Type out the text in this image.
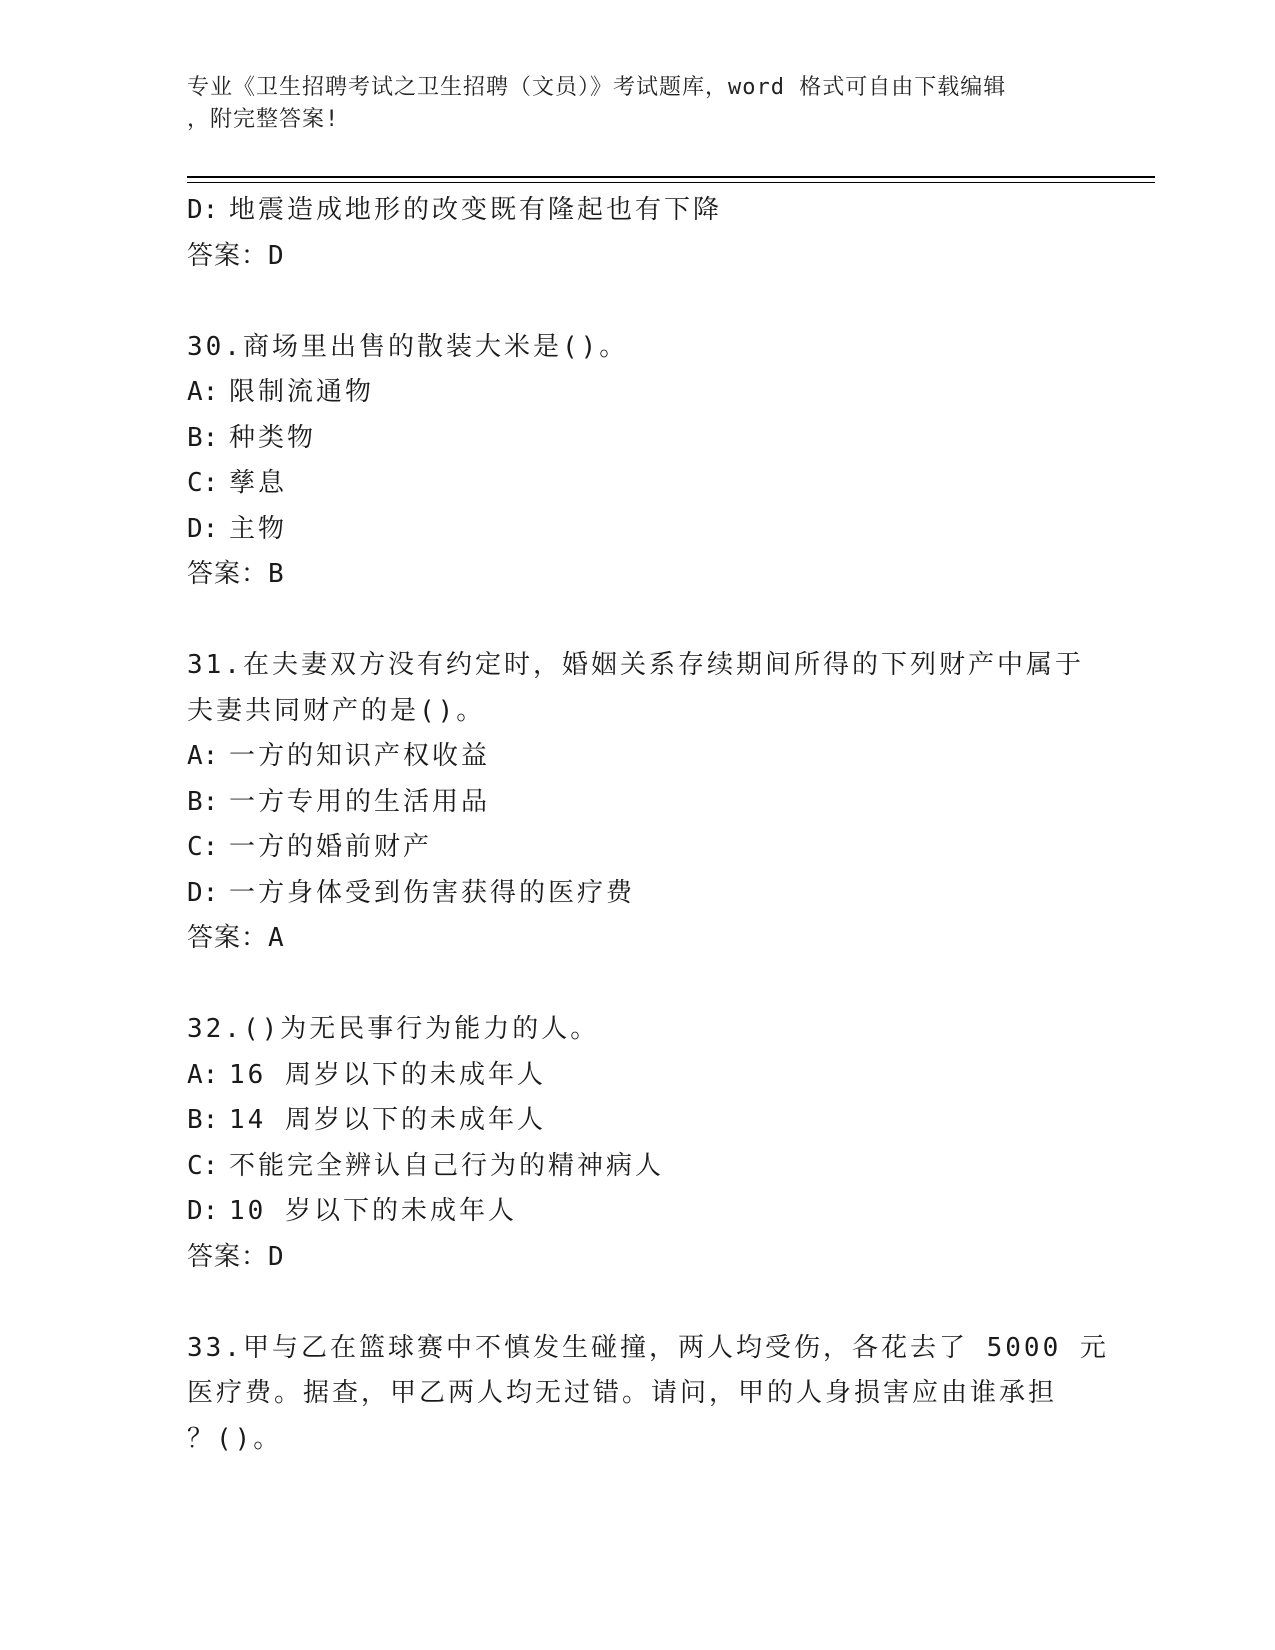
专业《卫生招聘考试之卫生招聘（文员）》考试题库，word 格式可自由下载编辑
，附完整答案!
D: 地震造成地形的改变既有隆起也有下降
答案：D
30.商场里出售的散装大米是()。
A: 限制流通物
B: 种类物
C: 孳息
D: 主物
答案：B
31.在夫妻双方没有约定时，婚姻关系存续期间所得的下列财产中属于
夫妻共同财产的是()。
A: 一方的知识产权收益
B: 一方专用的生活用品
C: 一方的婚前财产
D: 一方身体受到伤害获得的医疗费
答案：A
32.()为无民事行为能力的人。
A: 16 周岁以下的未成年人
B: 14 周岁以下的未成年人
C: 不能完全辨认自己行为的精神病人
D: 10 岁以下的未成年人
答案：D
33.甲与乙在篮球赛中不慎发生碰撞，两人均受伤，各花去了 5000 元
医疗费。据查，甲乙两人均无过错。请问，甲的人身损害应由谁承担
？()。
